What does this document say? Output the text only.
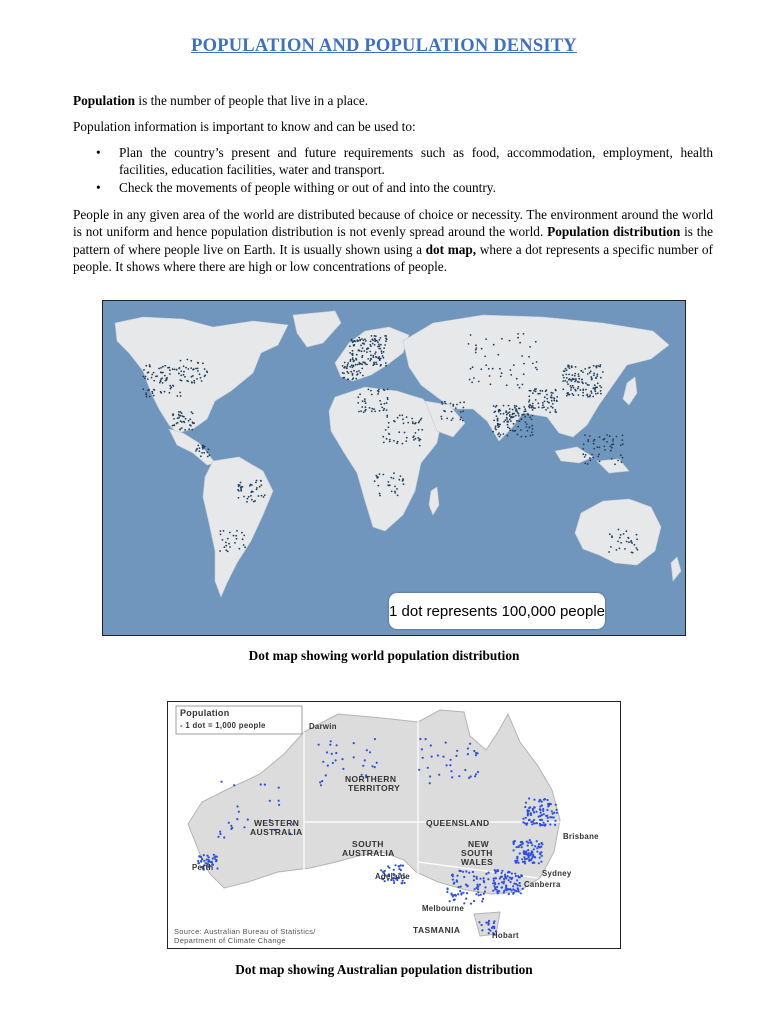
POPULATION AND POPULATION DENSITY

Population is the number of people that live in a place.

Population information is important to know and can be used to:

• Plan the country’s present and future requirements such as food, accommodation, employment, health facilities, education facilities, water and transport.
• Check the movements of people withing or out of and into the country.

People in any given area of the world are distributed because of choice or necessity. The environment around the world is not uniform and hence population distribution is not evenly spread around the world. Population distribution is the pattern of where people live on Earth. It is usually shown using a dot map, where a dot represents a specific number of people. It shows where there are high or low concentrations of people.

1 dot represents 100,000 people
Dot map showing world population distribution
Population
- 1 dot = 1,000 people	Darwin
NORTHERN
TERRITORY
QUEENSLAND
WESTERN
AUSTRALIA
SOUTH
AUSTRALIA
NEW
SOUTH
WALES
Brisbane
Perth
Adelaide	Sydney
Canberra
Melbourne
TASMANIA
Hobart
Source: Australian Bureau of Statistics/
Department of Climate Change
Dot map showing Australian population distribution
